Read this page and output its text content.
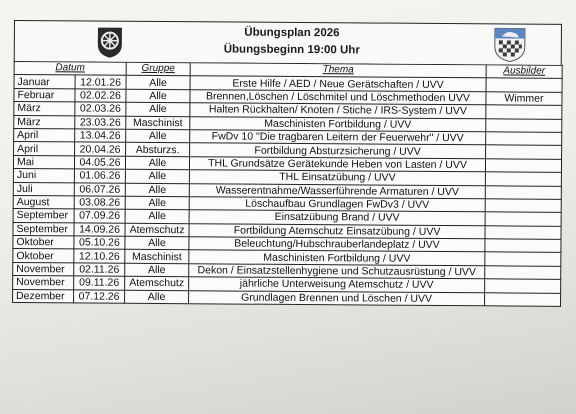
Übungsplan 2026
Übungsbeginn 19:00 Uhr
Datum		Gruppe	Thema	Ausbilder
Januar	12.01.26	Alle	Erste Hilfe / AED / Neue Gerätschaften / UVV	
Februar	02.02.26	Alle	Brennen,Löschen / Löschmitel und Löschmethoden UVV	Wimmer
März	02.03.26	Alle	Halten Rückhalten/ Knoten / Stiche / IRS-System / UVV	
März	23.03.26	Maschinist	Maschinisten Fortbildung / UVV	
April	13.04.26	Alle	FwDv 10 "Die tragbaren Leitern der Feuerwehr" / UVV	
April	20.04.26	Absturzs.	Fortbildung Absturzsicherung / UVV	
Mai	04.05.26	Alle	THL Grundsätze Gerätekunde Heben von Lasten / UVV	
Juni	01.06.26	Alle	THL Einsatzübung / UVV	
Juli	06.07.26	Alle	Wasserentnahme/Wasserführende Armaturen / UVV	
August	03.08.26	Alle	Löschaufbau Grundlagen FwDv3 / UVV	
September	07.09.26	Alle	Einsatzübung Brand / UVV	
September	14.09.26	Atemschutz	Fortbildung Atemschutz Einsatzübung / UVV	
Oktober	05.10.26	Alle	Beleuchtung/Hubschrauberlandeplatz / UVV	
Oktober	12.10.26	Maschinist	Maschinisten Fortbildung / UVV	
November	02.11.26	Alle	Dekon / Einsatzstellenhygiene und Schutzausrüstung / UVV	
November	09.11.26	Atemschutz	jährliche Unterweisung Atemschutz / UVV	
Dezember	07.12.26	Alle	Grundlagen Brennen und Löschen / UVV	
